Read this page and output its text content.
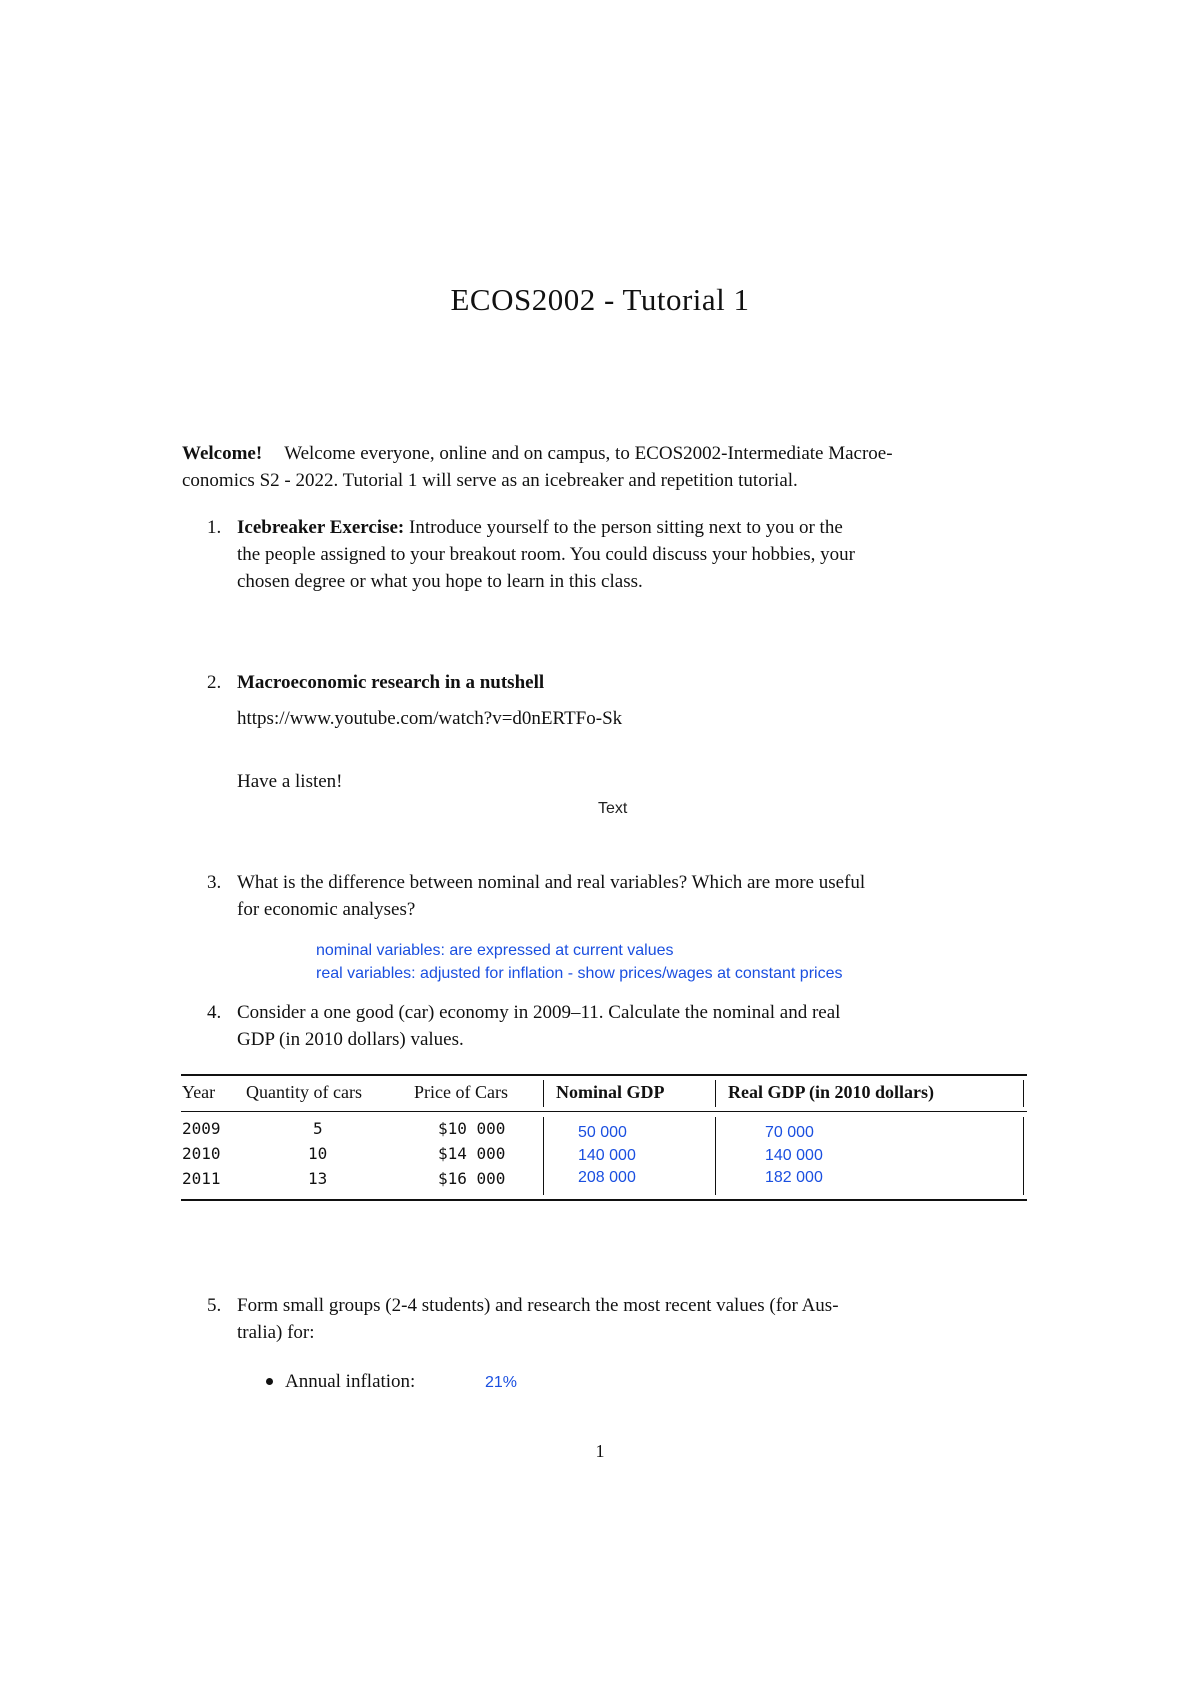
ECOS2002 - Tutorial 1
Welcome! Welcome everyone, online and on campus, to ECOS2002-Intermediate Macroe-
conomics S2 - 2022. Tutorial 1 will serve as an icebreaker and repetition tutorial.
1. Icebreaker Exercise: Introduce yourself to the person sitting next to you or the
the people assigned to your breakout room. You could discuss your hobbies, your
chosen degree or what you hope to learn in this class.
2. Macroeconomic research in a nutshell
https://www.youtube.com/watch?v=d0nERTFo-Sk
Have a listen!
Text
3. What is the difference between nominal and real variables? Which are more useful
for economic analyses?
nominal variables: are expressed at current values
real variables: adjusted for inflation - show prices/wages at constant prices
4. Consider a one good (car) economy in 2009–11. Calculate the nominal and real
GDP (in 2010 dollars) values.
Year Quantity of cars	Price of Cars	Nominal GDP	Real GDP (in 2010 dollars)
2009	5	$10 000	50 000	70 000
2010	10	$14 000	140 000	140 000
2011	13	$16 000	208 000	182 000
5. Form small groups (2-4 students) and research the most recent values (for Aus-
tralia) for:
Annual inflation:	21%
1
